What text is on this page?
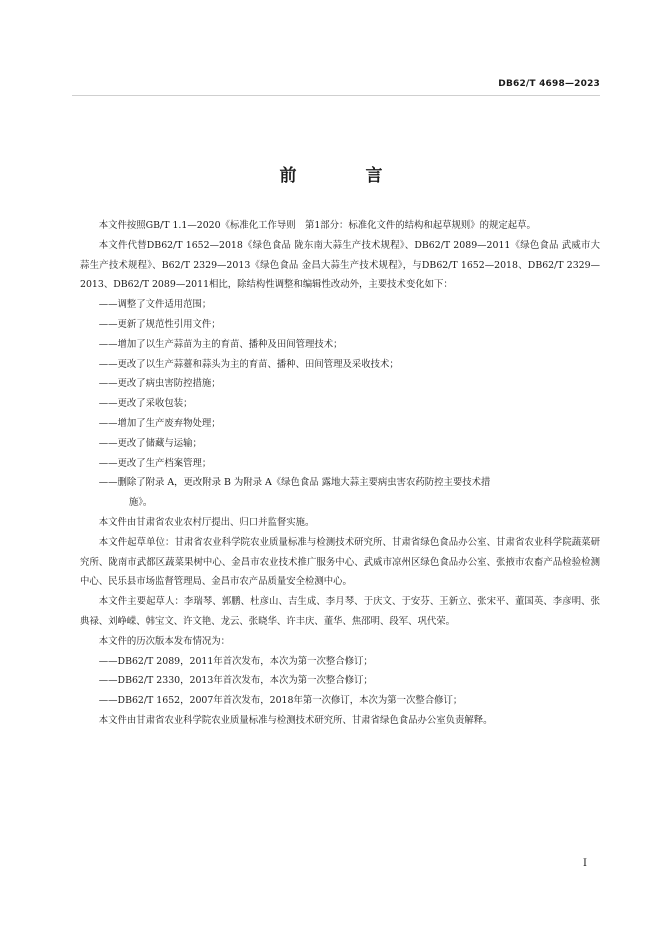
DB62/T 4698—2023
前　言

本文件按照GB/T 1.1—2020《标准化工作导则　第1部分：标准化文件的结构和起草规则》的规定起草。

本文件代替DB62/T 1652—2018《绿色食品 陇东南大蒜生产技术规程》、DB62/T 2089—2011《绿色食品 武威市大蒜生产技术规程》、B62/T 2329—2013《绿色食品 金昌大蒜生产技术规程》，与DB62/T 1652—2018、DB62/T 2329—2013、DB62/T 2089—2011相比，除结构性调整和编辑性改动外，主要技术变化如下：

——调整了文件适用范围；

——更新了规范性引用文件；

——增加了以生产蒜苗为主的育苗、播种及田间管理技术；

——更改了以生产蒜薹和蒜头为主的育苗、播种、田间管理及采收技术；

——更改了病虫害防控措施；

——更改了采收包装；

——增加了生产废弃物处理；

——更改了储藏与运输；

——更改了生产档案管理；

——删除了附录 A，更改附录 B 为附录 A《绿色食品 露地大蒜主要病虫害农药防控主要技术措
施》。

本文件由甘肃省农业农村厅提出、归口并监督实施。

本文件起草单位：甘肃省农业科学院农业质量标准与检测技术研究所、甘肃省绿色食品办公室、甘肃省农业科学院蔬菜研究所、陇南市武都区蔬菜果树中心、金昌市农业技术推广服务中心、武威市凉州区绿色食品办公室、张掖市农畜产品检验检测中心、民乐县市场监督管理局、金昌市农产品质量安全检测中心。

本文件主要起草人：李瑞琴、郭鹏、杜彦山、吉生成、李月琴、于庆文、于安芬、王新立、张宋平、董国英、李彦明、张典禄、刘峥嵘、韩宝文、许文艳、龙云、张晓华、许丰庆、董华、焦邵明、段军、巩代荣。

本文件的历次版本发布情况为：

——DB62/T 2089，2011年首次发布，本次为第一次整合修订；

——DB62/T 2330，2013年首次发布，本次为第一次整合修订；

——DB62/T 1652，2007年首次发布，2018年第一次修订，本次为第一次整合修订；

本文件由甘肃省农业科学院农业质量标准与检测技术研究所、甘肃省绿色食品办公室负责解释。

I
